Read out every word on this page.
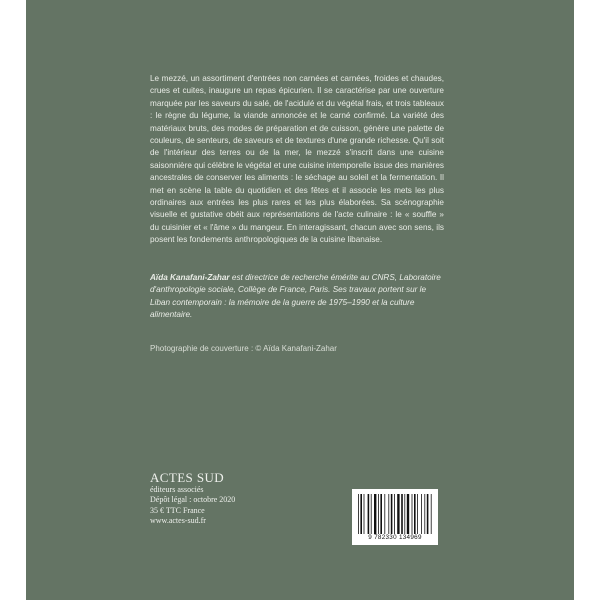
Le mezzé, un assortiment d'entrées non carnées et carnées, froides et chaudes, crues et cuites, inaugure un repas épicurien. Il se caractérise par une ouverture marquée par les saveurs du salé, de l'acidulé et du végétal frais, et trois tableaux : le règne du légume, la viande annoncée et le carné confirmé. La variété des matériaux bruts, des modes de préparation et de cuisson, génère une palette de couleurs, de senteurs, de saveurs et de textures d'une grande richesse. Qu'il soit de l'intérieur des terres ou de la mer, le mezzé s'inscrit dans une cuisine saisonnière qui célèbre le végétal et une cuisine intemporelle issue des manières ancestrales de conserver les aliments : le séchage au soleil et la fermentation. Il met en scène la table du quotidien et des fêtes et il associe les mets les plus ordinaires aux entrées les plus rares et les plus élaborées. Sa scénographie visuelle et gustative obéit aux représentations de l'acte culinaire : le « souffle » du cuisinier et « l'âme » du mangeur. En interagissant, chacun avec son sens, ils posent les fondements anthropologiques de la cuisine libanaise.

Aïda Kanafani-Zahar est directrice de recherche émérite au CNRS, Laboratoire d'anthropologie sociale, Collège de France, Paris. Ses travaux portent sur le Liban contemporain : la mémoire de la guerre de 1975–1990 et la culture alimentaire.

Photographie de couverture : © Aïda Kanafani-Zahar
ACTES SUD
éditeurs associés
Dépôt légal : octobre 2020
35 € TTC France
www.actes-sud.fr
9 782330 134969
